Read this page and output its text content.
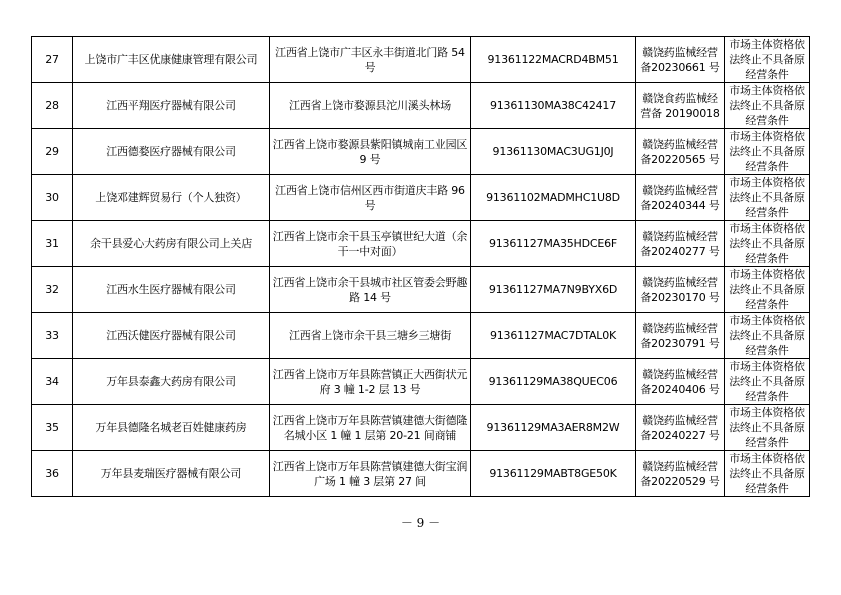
27	上饶市广丰区优康健康管理有限公司	江西省上饶市广丰区永丰街道北门路 54 号	91361122MACRD4BM51	赣饶药监械经营备20230661 号	市场主体资格依法终止不具备原经营条件
28	江西平翔医疗器械有限公司	江西省上饶市婺源县沱川溪头林场	91361130MA38C42417	赣饶食药监械经营备 20190018	市场主体资格依法终止不具备原经营条件
29	江西德婺医疗器械有限公司	江西省上饶市婺源县紫阳镇城南工业园区 9 号	91361130MAC3UG1J0J	赣饶药监械经营备20220565 号	市场主体资格依法终止不具备原经营条件
30	上饶邓建辉贸易行（个人独资）	江西省上饶市信州区西市街道庆丰路 96 号	91361102MADMHC1U8D	赣饶药监械经营备20240344 号	市场主体资格依法终止不具备原经营条件
31	余干县爱心大药房有限公司上关店	江西省上饶市余干县玉亭镇世纪大道（余干一中对面）	91361127MA35HDCE6F	赣饶药监械经营备20240277 号	市场主体资格依法终止不具备原经营条件
32	江西水生医疗器械有限公司	江西省上饶市余干县城市社区管委会野趣路 14 号	91361127MA7N9BYX6D	赣饶药监械经营备20230170 号	市场主体资格依法终止不具备原经营条件
33	江西沃健医疗器械有限公司	江西省上饶市余干县三塘乡三塘街	91361127MAC7DTAL0K	赣饶药监械经营备20230791 号	市场主体资格依法终止不具备原经营条件
34	万年县泰鑫大药房有限公司	江西省上饶市万年县陈营镇正大西街状元府 3 幢 1-2 层 13 号	91361129MA38QUEC06	赣饶药监械经营备20240406 号	市场主体资格依法终止不具备原经营条件
35	万年县德隆名城老百姓健康药房	江西省上饶市万年县陈营镇建德大街德隆名城小区 1 幢 1 层第 20-21 间商铺	91361129MA3AER8M2W	赣饶药监械经营备20240227 号	市场主体资格依法终止不具备原经营条件
36	万年县麦瑞医疗器械有限公司	江西省上饶市万年县陈营镇建德大街宝润广场 1 幢 3 层第 27 间	91361129MABT8GE50K	赣饶药监械经营备20220529 号	市场主体资格依法终止不具备原经营条件
－ 9 －
